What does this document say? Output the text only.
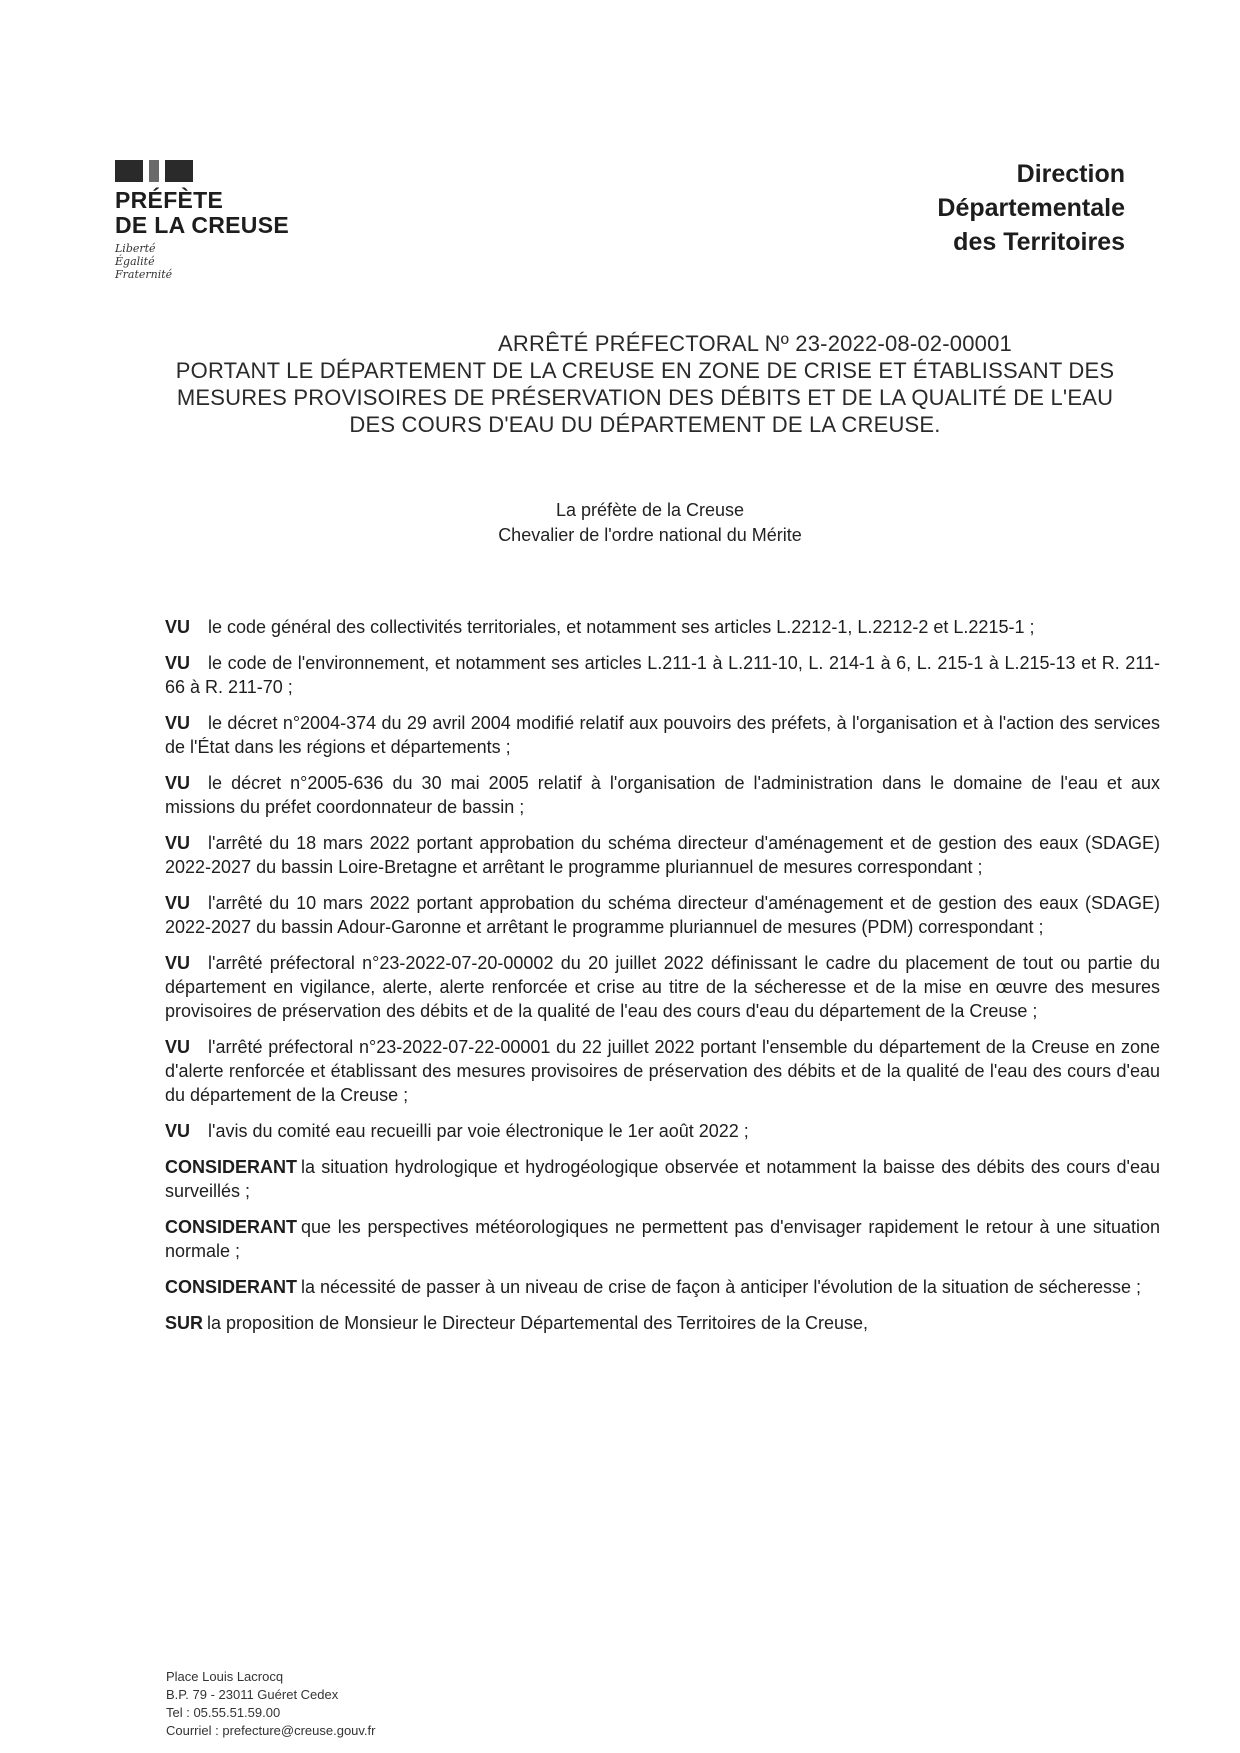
PRÉFÈTE
DE LA CREUSE
Liberté
Égalité
Fraternité
Direction
Départementale
des Territoires
ARRÊTÉ PRÉFECTORAL Nº 23-2022-08-02-00001
PORTANT LE DÉPARTEMENT DE LA CREUSE EN ZONE DE CRISE ET ÉTABLISSANT DES
MESURES PROVISOIRES DE PRÉSERVATION DES DÉBITS ET DE LA QUALITÉ DE L'EAU
DES COURS D'EAU DU DÉPARTEMENT DE LA CREUSE.
La préfète de la Creuse
Chevalier de l'ordre national du Mérite

VU le code général des collectivités territoriales, et notamment ses articles L.2212-1, L.2212-2 et L.2215-1 ;

VU le code de l'environnement, et notamment ses articles L.211-1 à L.211-10, L. 214-1 à 6, L. 215-1 à L.215-13 et R. 211-66 à R. 211-70 ;

VU le décret n°2004-374 du 29 avril 2004 modifié relatif aux pouvoirs des préfets, à l'organisation et à l'action des services de l'État dans les régions et départements ;

VU le décret n°2005-636 du 30 mai 2005 relatif à l'organisation de l'administration dans le domaine de l'eau et aux missions du préfet coordonnateur de bassin ;

VU l'arrêté du 18 mars 2022 portant approbation du schéma directeur d'aménagement et de gestion des eaux (SDAGE) 2022-2027 du bassin Loire-Bretagne et arrêtant le programme pluriannuel de mesures correspondant ;

VU l'arrêté du 10 mars 2022 portant approbation du schéma directeur d'aménagement et de gestion des eaux (SDAGE) 2022-2027 du bassin Adour-Garonne et arrêtant le programme pluriannuel de mesures (PDM) correspondant ;

VU l'arrêté préfectoral n°23-2022-07-20-00002 du 20 juillet 2022 définissant le cadre du placement de tout ou partie du département en vigilance, alerte, alerte renforcée et crise au titre de la sécheresse et de la mise en œuvre des mesures provisoires de préservation des débits et de la qualité de l'eau des cours d'eau du département de la Creuse ;

VU l'arrêté préfectoral n°23-2022-07-22-00001 du 22 juillet 2022 portant l'ensemble du département de la Creuse en zone d'alerte renforcée et établissant des mesures provisoires de préservation des débits et de la qualité de l'eau des cours d'eau du département de la Creuse ;

VU l'avis du comité eau recueilli par voie électronique le 1er août 2022 ;

CONSIDERANT la situation hydrologique et hydrogéologique observée et notamment la baisse des débits des cours d'eau surveillés ;

CONSIDERANT que les perspectives météorologiques ne permettent pas d'envisager rapidement le retour à une situation normale ;

CONSIDERANT la nécessité de passer à un niveau de crise de façon à anticiper l'évolution de la situation de sécheresse ;

SUR la proposition de Monsieur le Directeur Départemental des Territoires de la Creuse,

Place Louis Lacrocq
B.P. 79 - 23011 Guéret Cedex
Tel : 05.55.51.59.00
Courriel : prefecture@creuse.gouv.fr
